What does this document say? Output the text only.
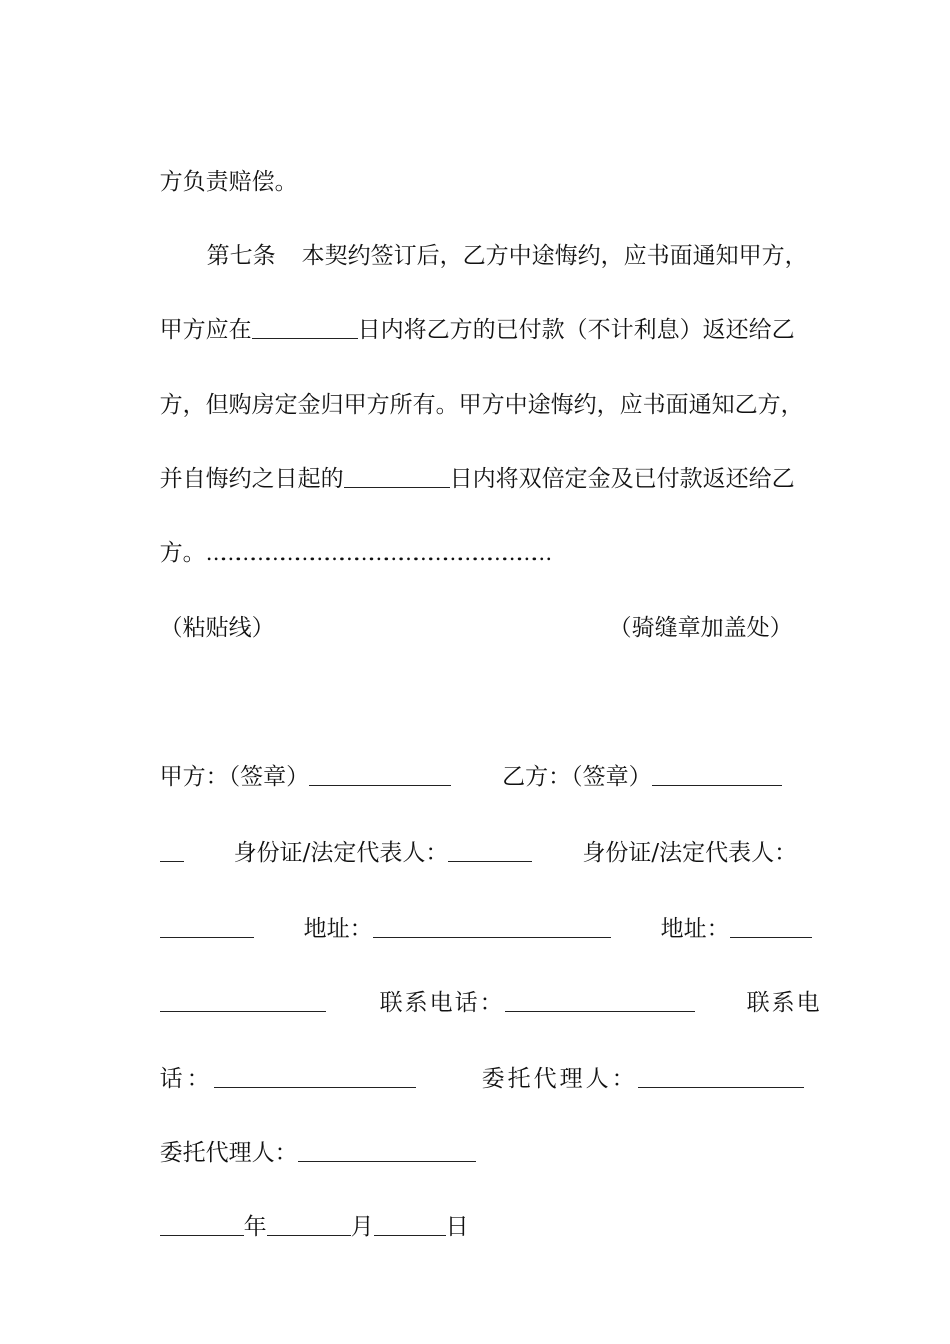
方负责赔偿。

第七条 本契约签订后，乙方中途悔约，应书面通知甲方，

甲方应在	日内将乙方的已付款（不计利息）返还给乙

方，但购房定金归甲方所有。甲方中途悔约，应书面通知乙方，

并自悔约之日起的	日内将双倍定金及已付款返还给乙

方。……………………………………………………………

（粘贴线）	（骑缝章加盖处）

甲方：（签章）	乙方：（签章）

身份证/法定代表人：	身份证/法定代表人：

地址：	地址：

联系电话：	联系电

话：	委托代理人：

委托代理人：

年	月	日
